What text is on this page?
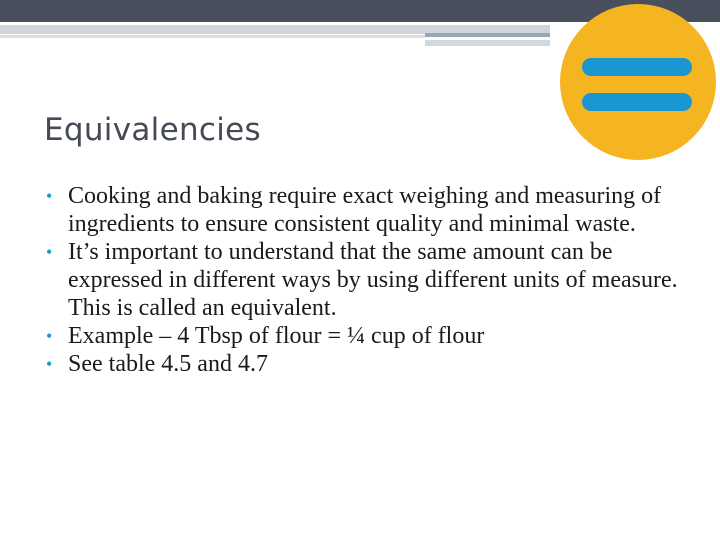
Equivalencies
• Cooking and baking require exact weighing and measuring of ingredients to ensure consistent quality and minimal waste.
• It’s important to understand that the same amount can be expressed in different ways by using different units of measure. This is called an equivalent.
• Example – 4 Tbsp of flour = ¼ cup of flour
• See table 4.5 and 4.7
